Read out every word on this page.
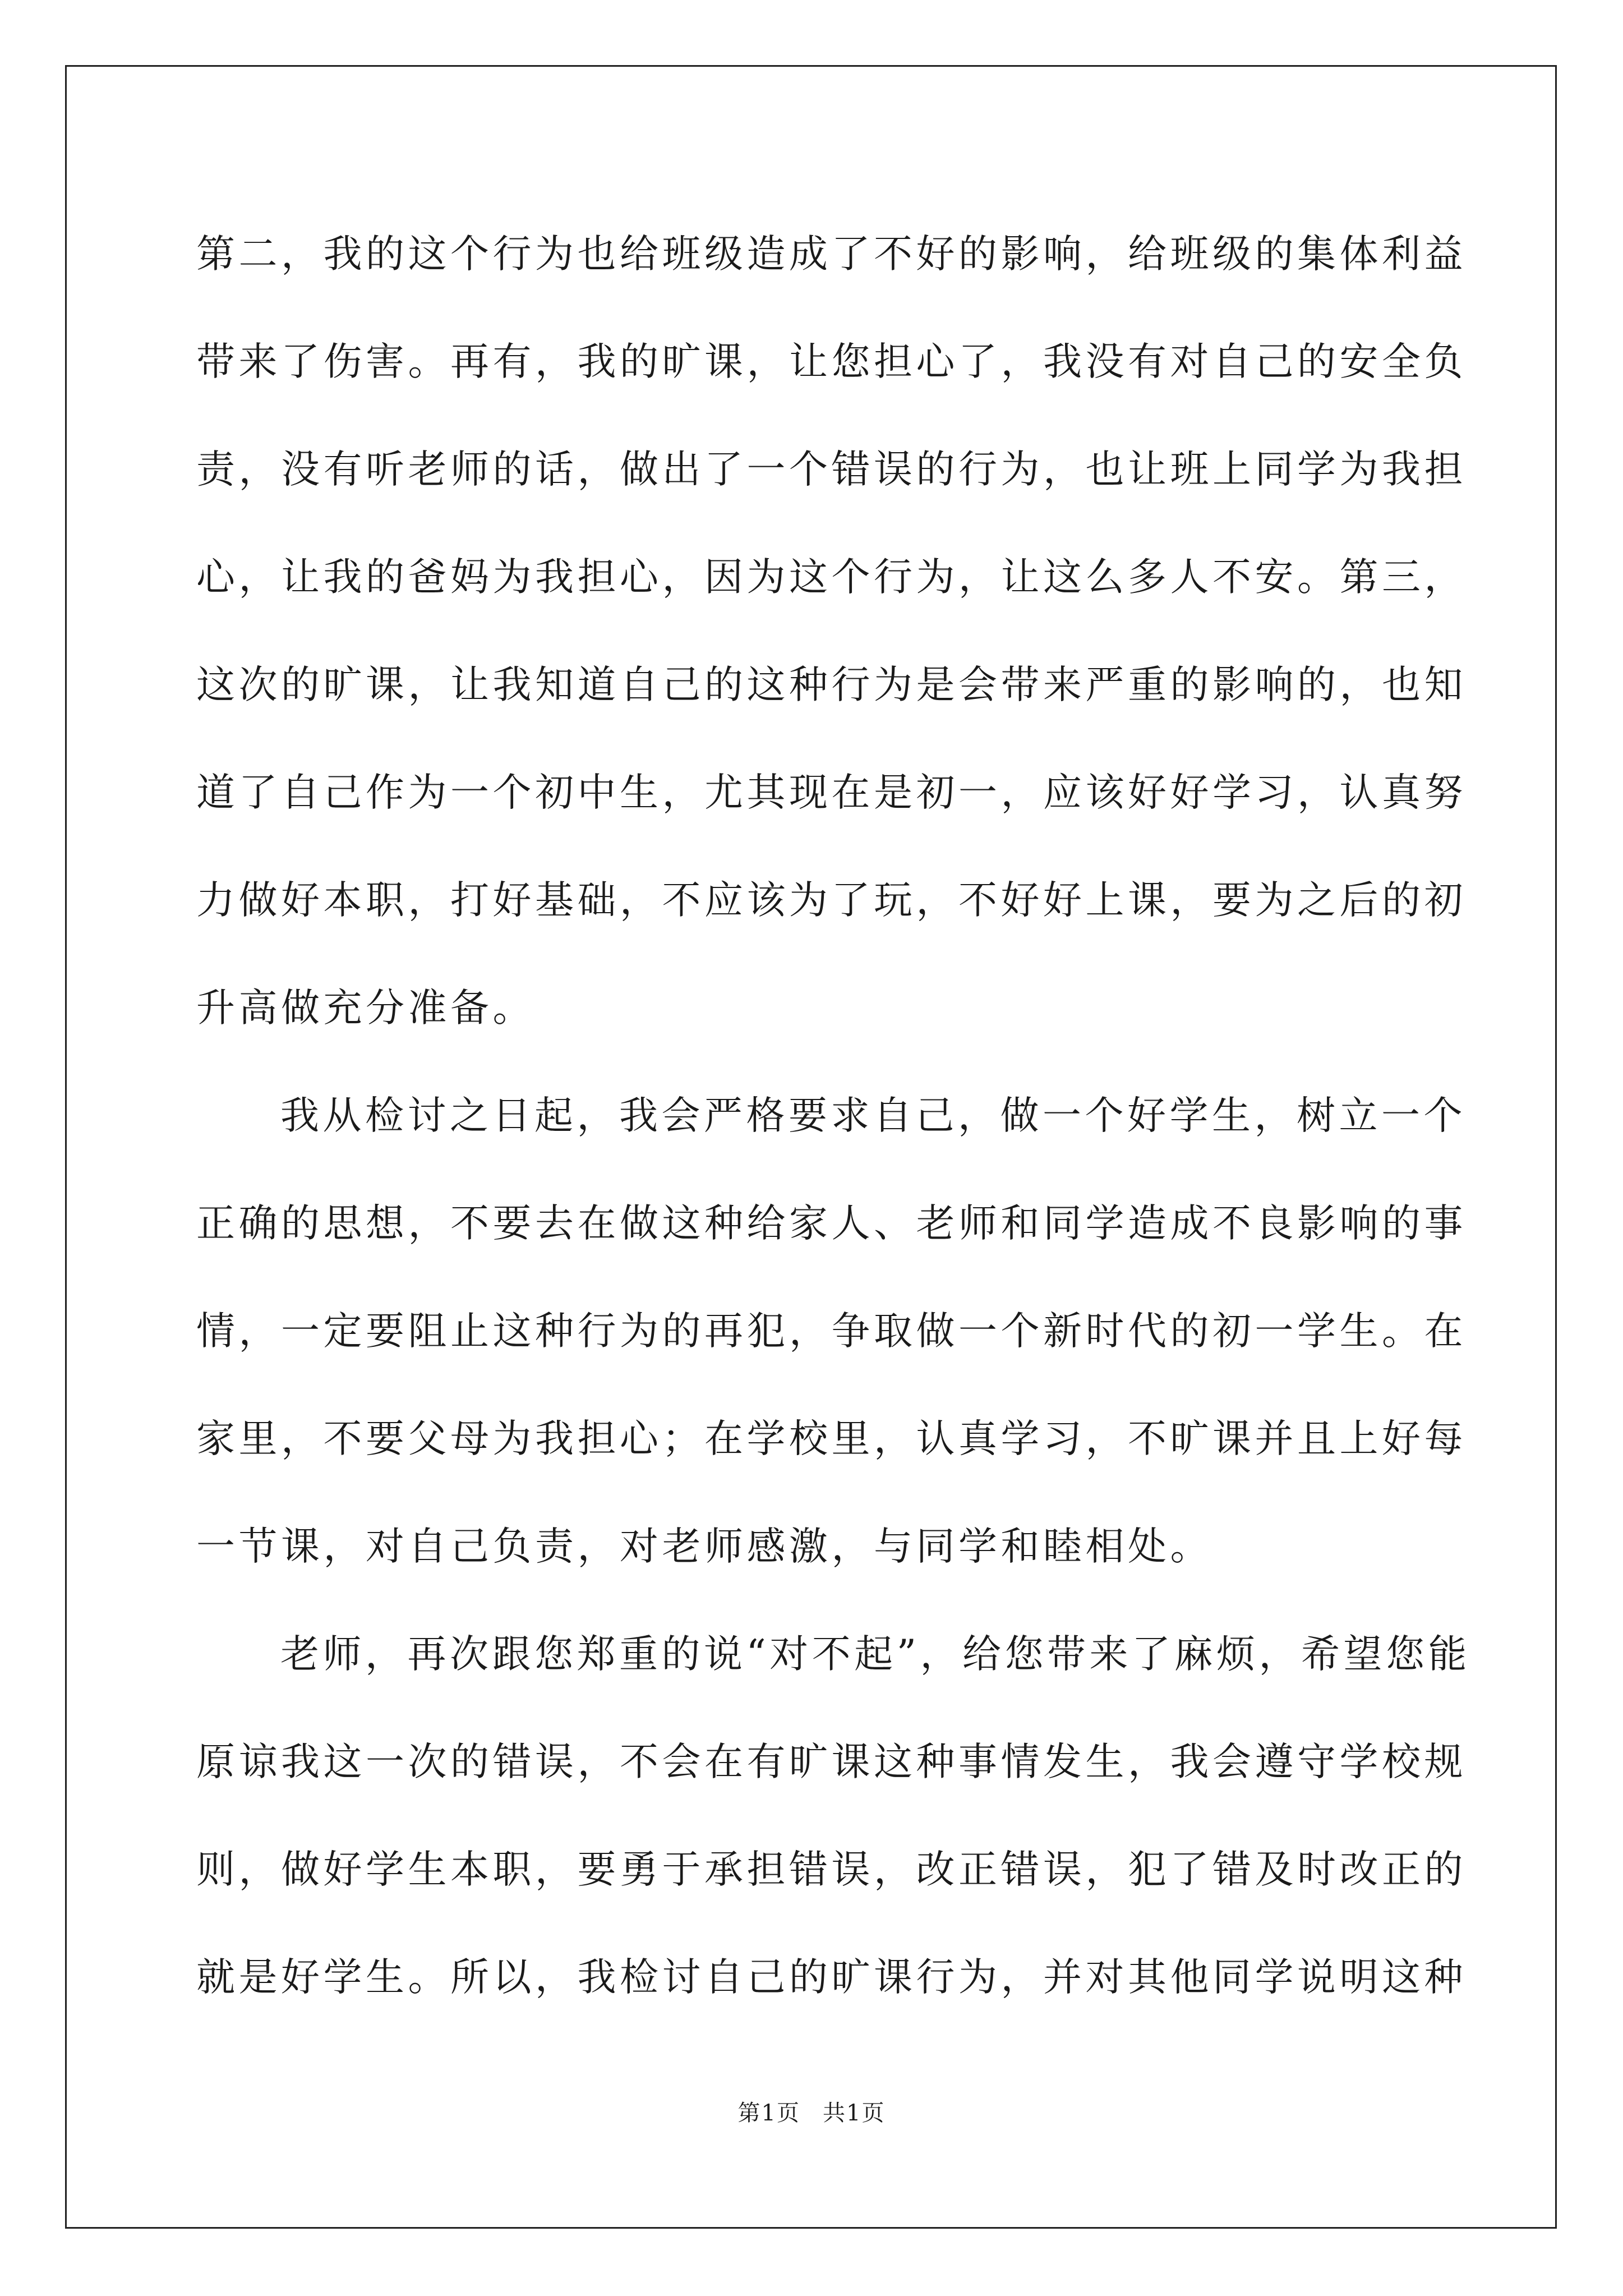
第二，我的这个行为也给班级造成了不好的影响，给班级的集体利益
带来了伤害。再有，我的旷课，让您担心了，我没有对自己的安全负
责，没有听老师的话，做出了一个错误的行为，也让班上同学为我担
心，让我的爸妈为我担心，因为这个行为，让这么多人不安。第三，
这次的旷课，让我知道自己的这种行为是会带来严重的影响的，也知
道了自己作为一个初中生，尤其现在是初一，应该好好学习，认真努
力做好本职，打好基础，不应该为了玩，不好好上课，要为之后的初
升高做充分准备。
我从检讨之日起，我会严格要求自己，做一个好学生，树立一个
正确的思想，不要去在做这种给家人、老师和同学造成不良影响的事
情，一定要阻止这种行为的再犯，争取做一个新时代的初一学生。在
家里，不要父母为我担心；在学校里，认真学习，不旷课并且上好每
一节课，对自己负责，对老师感激，与同学和睦相处。
老师，再次跟您郑重的说“对不起”，给您带来了麻烦，希望您能
原谅我这一次的错误，不会在有旷课这种事情发生，我会遵守学校规
则，做好学生本职，要勇于承担错误，改正错误，犯了错及时改正的
就是好学生。所以，我检讨自己的旷课行为，并对其他同学说明这种
第1页 共1页
